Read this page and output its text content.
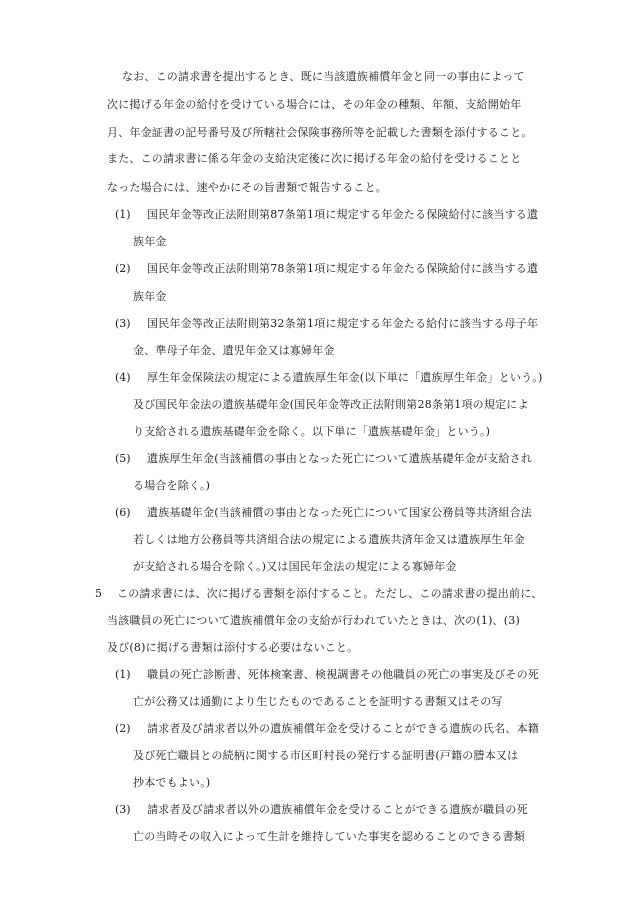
なお、この請求書を提出するとき、既に当該遺族補償年金と同一の事由によって
次に掲げる年金の給付を受けている場合には、その年金の種類、年額、支給開始年
月、年金証書の記号番号及び所轄社会保険事務所等を記載した書類を添付すること。
また、この請求書に係る年金の支給決定後に次に掲げる年金の給付を受けることと
なった場合には、速やかにその旨書類で報告すること。
(1) 国民年金等改正法附則第87条第1項に規定する年金たる保険給付に該当する遺
族年金
(2) 国民年金等改正法附則第78条第1項に規定する年金たる保険給付に該当する遺
族年金
(3) 国民年金等改正法附則第32条第1項に規定する年金たる給付に該当する母子年
金、準母子年金、遺児年金又は寡婦年金
(4) 厚生年金保険法の規定による遺族厚生年金(以下単に「遺族厚生年金」という。)
及び国民年金法の遺族基礎年金(国民年金等改正法附則第28条第1項の規定によ
り支給される遺族基礎年金を除く。以下単に「遺族基礎年金」という。)
(5) 遺族厚生年金(当該補償の事由となった死亡について遺族基礎年金が支給され
る場合を除く。)
(6) 遺族基礎年金(当該補償の事由となった死亡について国家公務員等共済組合法
若しくは地方公務員等共済組合法の規定による遺族共済年金又は遺族厚生年金
が支給される場合を除く。)又は国民年金法の規定による寡婦年金
5 この請求書には、次に掲げる書類を添付すること。ただし、この請求書の提出前に、
当該職員の死亡について遺族補償年金の支給が行われていたときは、次の(1)、(3)
及び(8)に掲げる書類は添付する必要はないこと。
(1) 職員の死亡診断書、死体検案書、検視調書その他職員の死亡の事実及びその死
亡が公務又は通勤により生じたものであることを証明する書類又はその写
(2) 請求者及び請求者以外の遺族補償年金を受けることができる遺族の氏名、本籍
及び死亡職員との続柄に関する市区町村長の発行する証明書(戸籍の謄本又は
抄本でもよい。)
(3) 請求者及び請求者以外の遺族補償年金を受けることができる遺族が職員の死
亡の当時その収入によって生計を維持していた事実を認めることのできる書類
